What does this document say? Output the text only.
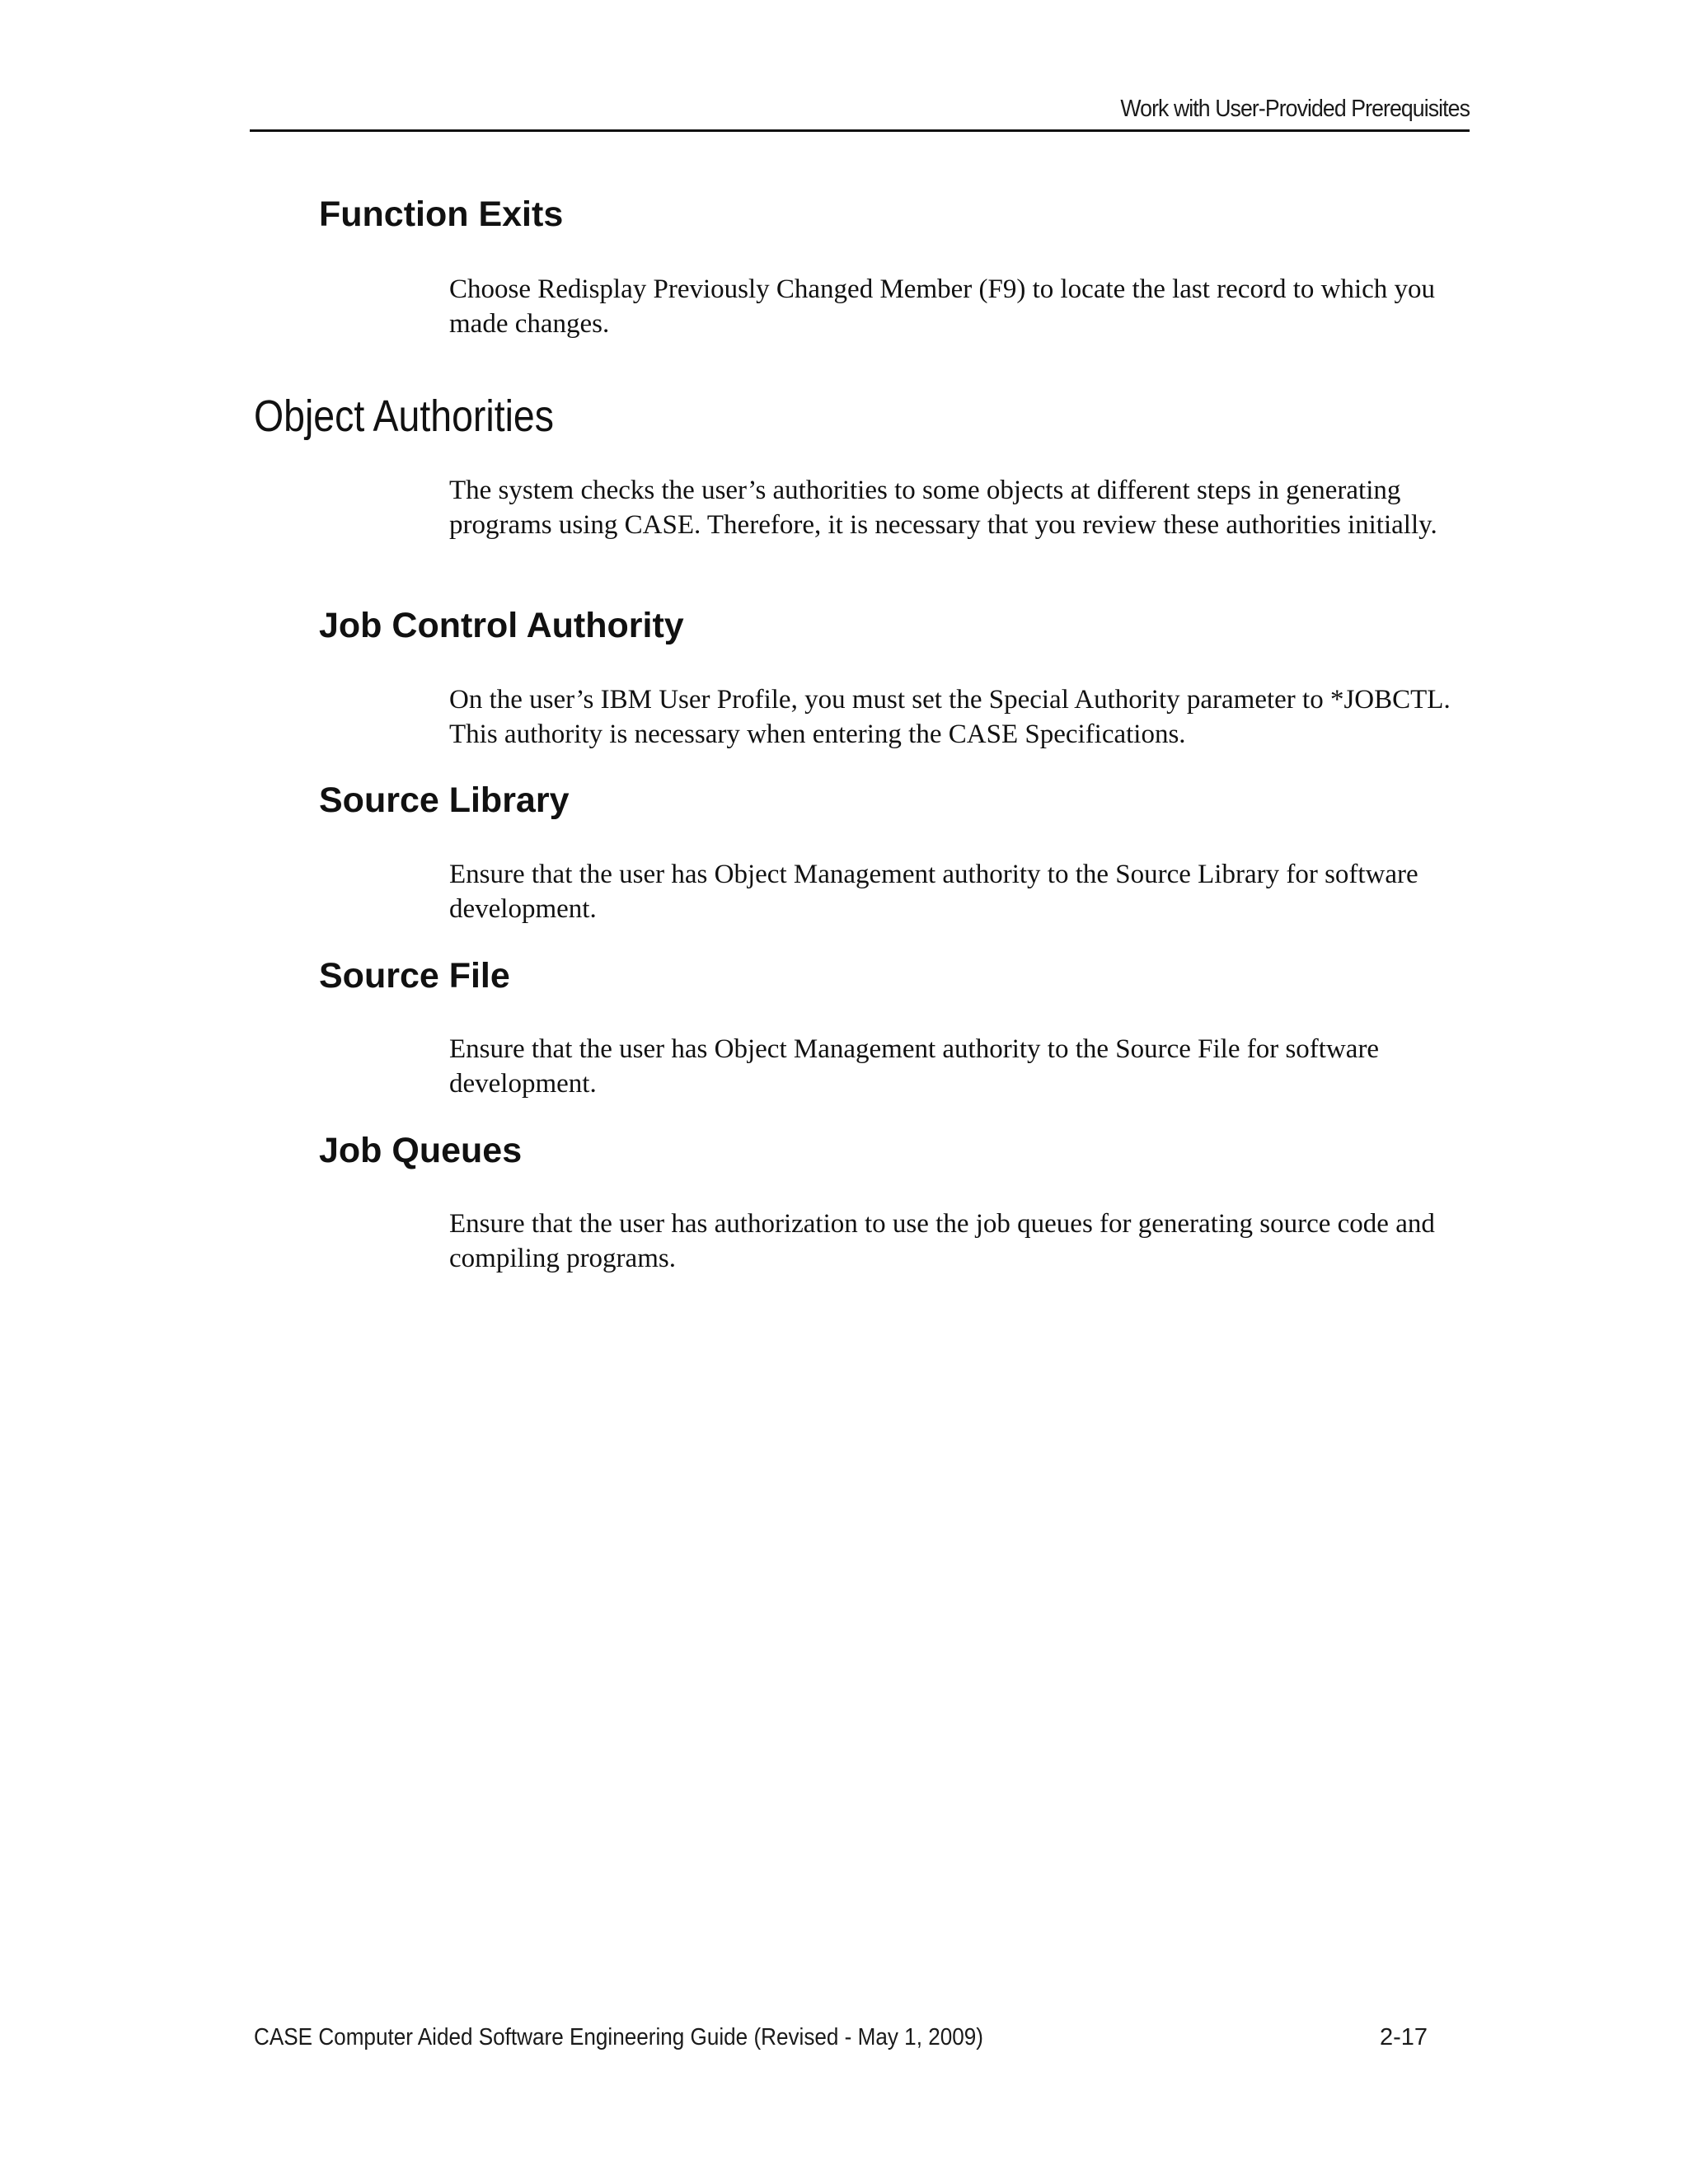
Work with User-Provided Prerequisites
Function Exits

Choose Redisplay Previously Changed Member (F9) to locate the last record to which you made changes.

Object Authorities

The system checks the user’s authorities to some objects at different steps in generating programs using CASE. Therefore, it is necessary that you review these authorities initially.

Job Control Authority

On the user’s IBM User Profile, you must set the Special Authority parameter to *JOBCTL. This authority is necessary when entering the CASE Specifications.

Source Library

Ensure that the user has Object Management authority to the Source Library for software development.

Source File

Ensure that the user has Object Management authority to the Source File for software development.

Job Queues

Ensure that the user has authorization to use the job queues for generating source code and compiling programs.

CASE Computer Aided Software Engineering Guide (Revised - May 1, 2009)	2-17
